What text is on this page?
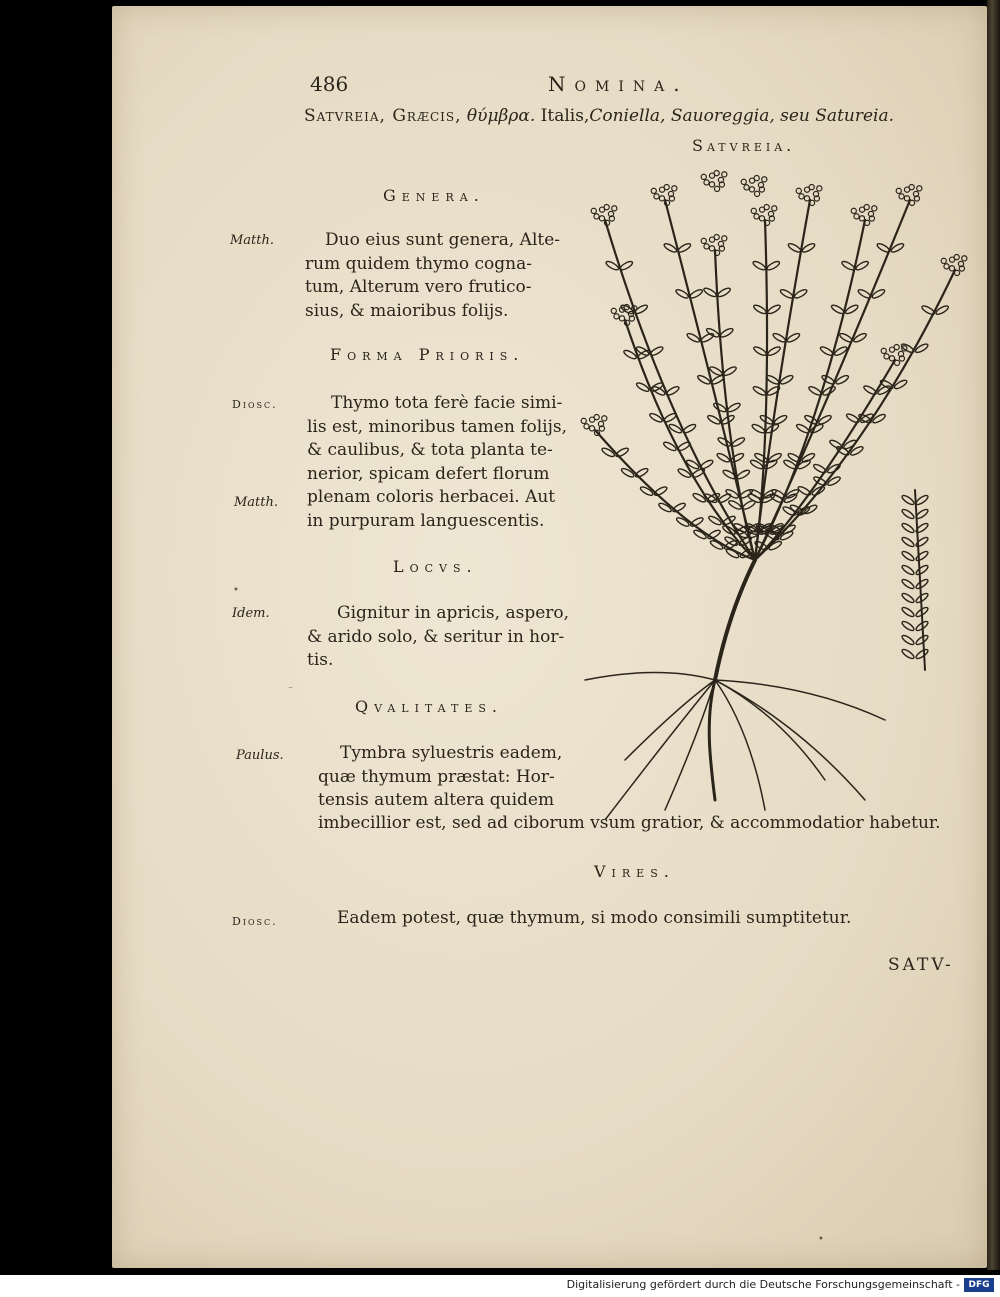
486	Nomina.
Satvreia, Græcis, θύμβρα. Italis,Coniella, Sauoreggia, seu Satureia.
Satvreia.
Genera.
Matth.	Duo eius sunt genera, Alte-
rum quidem thymo cogna-
tum, Alterum vero frutico-
sius, & maioribus folijs.
Forma Prioris.
Diosc.
Matth.
Thymo tota ferè facie simi-
lis est, minoribus tamen folijs,
& caulibus, & tota planta te-
nerior, spicam defert florum
plenam coloris herbacei. Aut
in purpuram languescentis.
Locvs.
Idem.	Gignitur in apricis, aspero,
& arido solo, & seritur in hor-
tis.
Qvalitates.
Paulus.	Tymbra syluestris eadem,
quæ thymum præstat: Hor-
tensis autem altera quidem
imbecillior est, sed ad ciborum vsum gratior, & accommodatior habetur.
Vires.
Diosc.	Eadem potest, quæ thymum, si modo consimili sumptitetur.
SATV-
•
⁻
•
Digitalisierung gefördert durch die Deutsche Forschungsgemeinschaft - DFG
